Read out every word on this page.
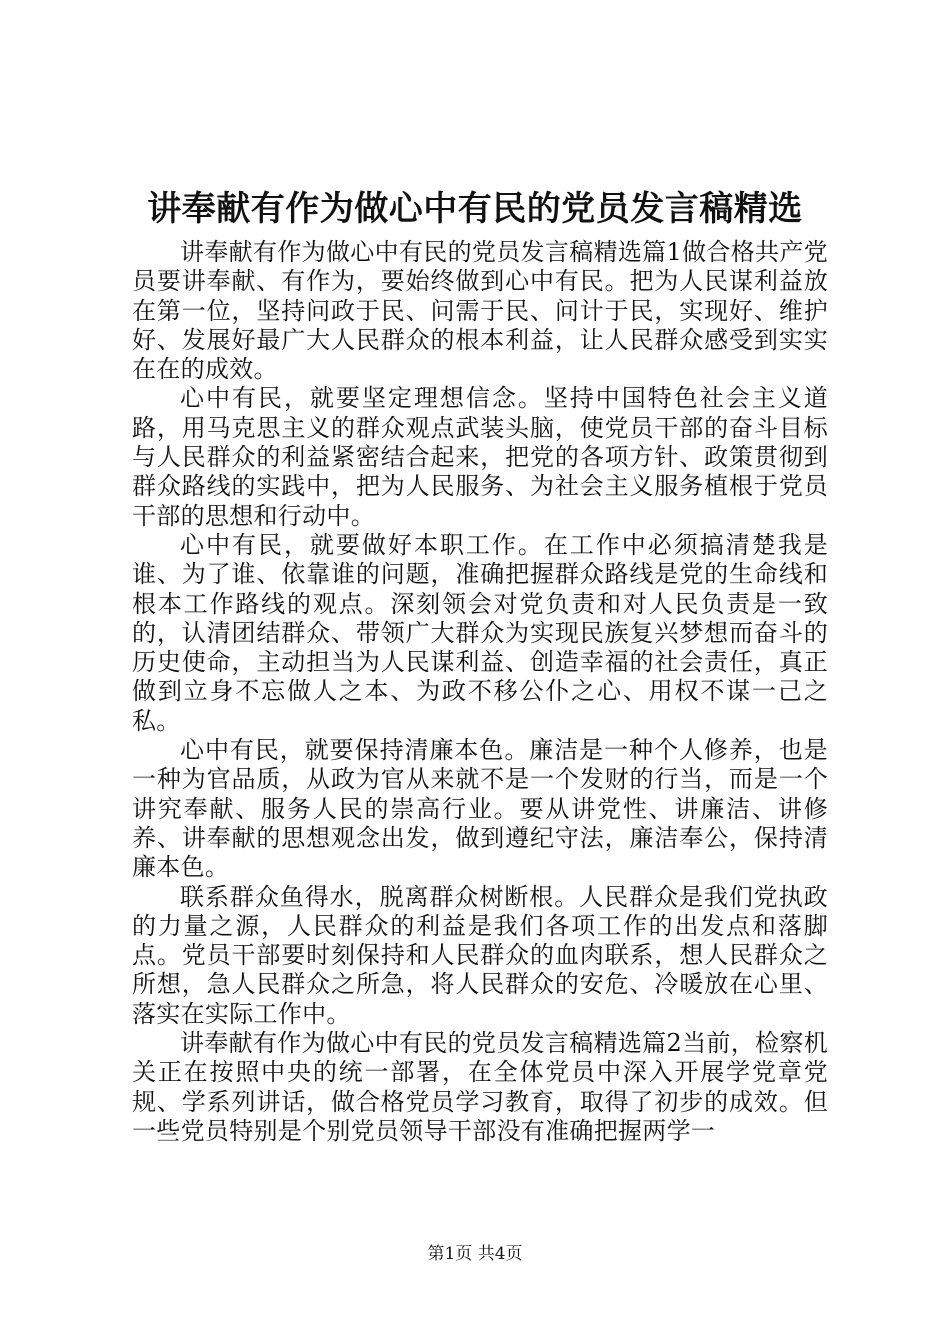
讲奉献有作为做心中有民的党员发言稿精选

讲奉献有作为做心中有民的党员发言稿精选篇1做合格共产党员要讲奉献、有作为，要始终做到心中有民。把为人民谋利益放在第一位，坚持问政于民、问需于民、问计于民，实现好、维护好、发展好最广大人民群众的根本利益，让人民群众感受到实实在在的成效。

心中有民，就要坚定理想信念。坚持中国特色社会主义道路，用马克思主义的群众观点武装头脑，使党员干部的奋斗目标与人民群众的利益紧密结合起来，把党的各项方针、政策贯彻到群众路线的实践中，把为人民服务、为社会主义服务植根于党员干部的思想和行动中。

心中有民，就要做好本职工作。在工作中必须搞清楚我是谁、为了谁、依靠谁的问题，准确把握群众路线是党的生命线和根本工作路线的观点。深刻领会对党负责和对人民负责是一致的，认清团结群众、带领广大群众为实现民族复兴梦想而奋斗的历史使命，主动担当为人民谋利益、创造幸福的社会责任，真正做到立身不忘做人之本、为政不移公仆之心、用权不谋一己之私。

心中有民，就要保持清廉本色。廉洁是一种个人修养，也是一种为官品质，从政为官从来就不是一个发财的行当，而是一个讲究奉献、服务人民的崇高行业。要从讲党性、讲廉洁、讲修养、讲奉献的思想观念出发，做到遵纪守法，廉洁奉公，保持清廉本色。

联系群众鱼得水，脱离群众树断根。人民群众是我们党执政的力量之源，人民群众的利益是我们各项工作的出发点和落脚点。党员干部要时刻保持和人民群众的血肉联系，想人民群众之所想，急人民群众之所急，将人民群众的安危、冷暖放在心里、落实在实际工作中。

讲奉献有作为做心中有民的党员发言稿精选篇2当前，检察机关正在按照中央的统一部署，在全体党员中深入开展学党章党规、学系列讲话，做合格党员学习教育，取得了初步的成效。但一些党员特别是个别党员领导干部没有准确把握两学一

第1页 共4页
